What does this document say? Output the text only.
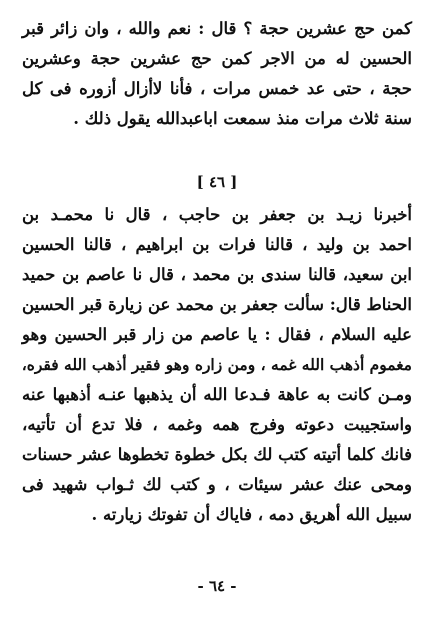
كمن حج عشرين حجة ؟ قال : نعم والله ، وان زائر قبر
الحسين له من الاجر كمن حج عشرين حجة وعشرين
حجة ، حتى عد خمس مرات ، فأنا لاأزال أزوره فى كل
سنة ثلاث مرات منذ سمعت اباعبدالله يقول ذلك .
[ ٤٦ ]
أخبرنا زيـد بن جعفر بن حاجب ، قال نا محمـد بن
احمد بن وليد ، قالنا فرات بن ابراهيم ، قالنا الحسين
ابن سعيد، قالنا سندى بن محمد ، قال نا عاصم بن حميد
الحناط قال: سألت جعفر بن محمد عن زيارة قبر الحسين
عليه السلام ، فقال : يا عاصم من زار قبر الحسين وهو
مغموم أذهب الله غمه ، ومن زاره وهو فقير أذهب الله فقره،
ومـن كانت به عاهة فـدعا الله أن يذهبها عنـه أذهبها عنه
واستجيبت دعوته وفرج همه وغمه ، فلا تدع أن تأتيه،
فانك كلما أتيته كتب لك بكل خطوة تخطوها عشر حسنات
ومحى عنك عشر سيئات ، و كتب لك ثـواب شهيد فى
سبيل الله أهريق دمه ، فاياك أن تفوتك زيارته .
- ٦٤ -
